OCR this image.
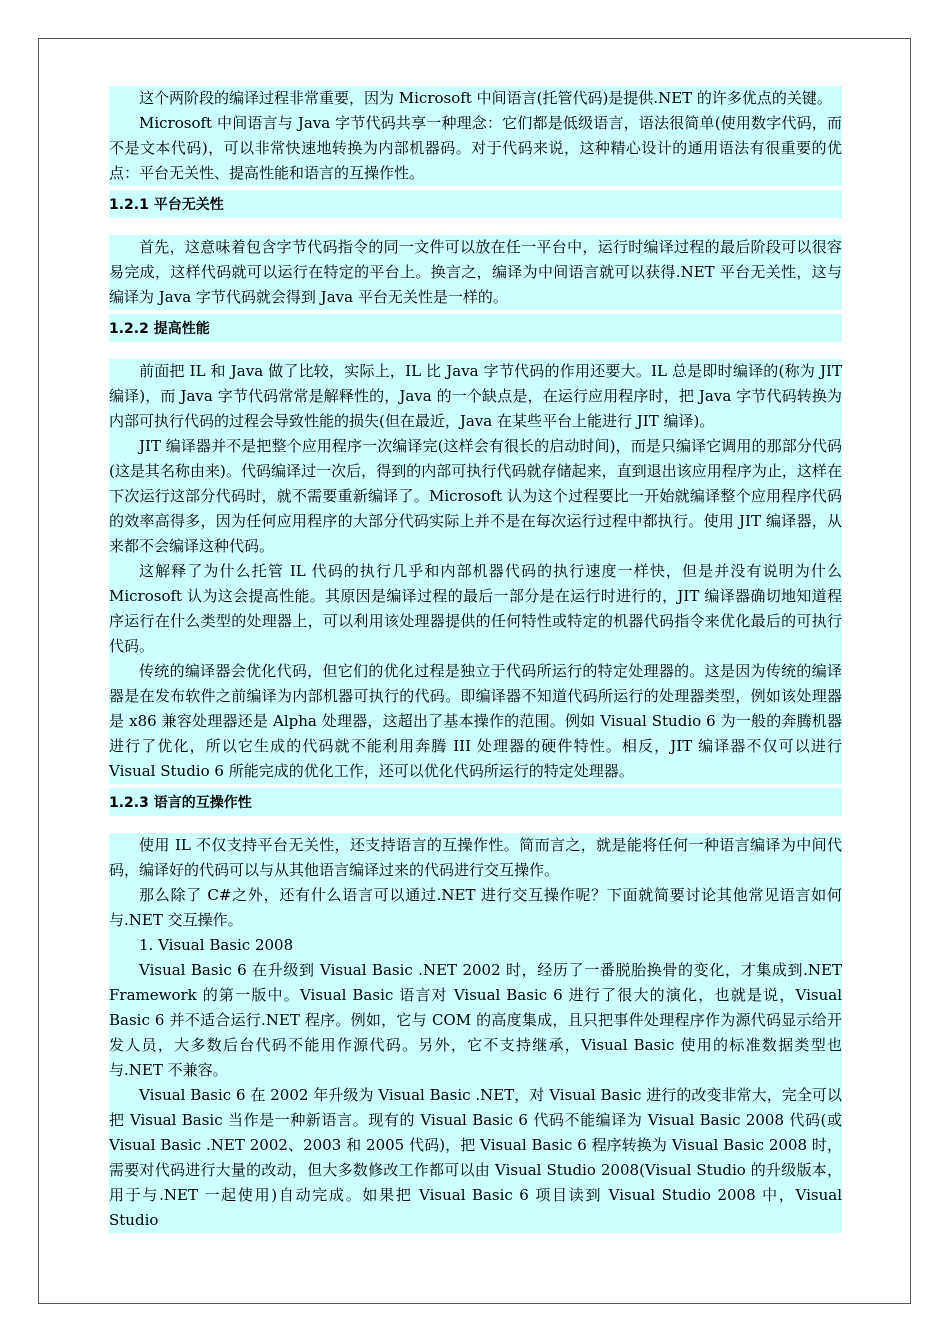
这个两阶段的编译过程非常重要，因为 Microsoft 中间语言(托管代码)是提供.NET 的许多优点的关键。

Microsoft 中间语言与 Java 字节代码共享一种理念：它们都是低级语言，语法很简单(使用数字代码，而不是文本代码)，可以非常快速地转换为内部机器码。对于代码来说，这种精心设计的通用语法有很重要的优点：平台无关性、提高性能和语言的互操作性。

1.2.1 平台无关性

首先，这意味着包含字节代码指令的同一文件可以放在任一平台中，运行时编译过程的最后阶段可以很容易完成，这样代码就可以运行在特定的平台上。换言之，编译为中间语言就可以获得.NET 平台无关性，这与编译为 Java 字节代码就会得到 Java 平台无关性是一样的。

1.2.2 提高性能

前面把 IL 和 Java 做了比较，实际上，IL 比 Java 字节代码的作用还要大。IL 总是即时编译的(称为 JIT 编译)，而 Java 字节代码常常是解释性的，Java 的一个缺点是，在运行应用程序时，把 Java 字节代码转换为内部可执行代码的过程会导致性能的损失(但在最近，Java 在某些平台上能进行 JIT 编译)。

JIT 编译器并不是把整个应用程序一次编译完(这样会有很长的启动时间)，而是只编译它调用的那部分代码(这是其名称由来)。代码编译过一次后，得到的内部可执行代码就存储起来，直到退出该应用程序为止，这样在下次运行这部分代码时，就不需要重新编译了。Microsoft 认为这个过程要比一开始就编译整个应用程序代码的效率高得多，因为任何应用程序的大部分代码实际上并不是在每次运行过程中都执行。使用 JIT 编译器，从来都不会编译这种代码。

这解释了为什么托管 IL 代码的执行几乎和内部机器代码的执行速度一样快，但是并没有说明为什么 Microsoft 认为这会提高性能。其原因是编译过程的最后一部分是在运行时进行的，JIT 编译器确切地知道程序运行在什么类型的处理器上，可以利用该处理器提供的任何特性或特定的机器代码指令来优化最后的可执行代码。

传统的编译器会优化代码，但它们的优化过程是独立于代码所运行的特定处理器的。这是因为传统的编译器是在发布软件之前编译为内部机器可执行的代码。即编译器不知道代码所运行的处理器类型，例如该处理器是 x86 兼容处理器还是 Alpha 处理器，这超出了基本操作的范围。例如 Visual Studio 6 为一般的奔腾机器进行了优化，所以它生成的代码就不能利用奔腾 III 处理器的硬件特性。相反，JIT 编译器不仅可以进行 Visual Studio 6 所能完成的优化工作，还可以优化代码所运行的特定处理器。

1.2.3 语言的互操作性

使用 IL 不仅支持平台无关性，还支持语言的互操作性。简而言之，就是能将任何一种语言编译为中间代码，编译好的代码可以与从其他语言编译过来的代码进行交互操作。

那么除了 C#之外，还有什么语言可以通过.NET 进行交互操作呢？下面就简要讨论其他常见语言如何与.NET 交互操作。

1. Visual Basic 2008

Visual Basic 6 在升级到 Visual Basic .NET 2002 时，经历了一番脱胎换骨的变化，才集成到.NET Framework 的第一版中。Visual Basic 语言对 Visual Basic 6 进行了很大的演化，也就是说，Visual Basic 6 并不适合运行.NET 程序。例如，它与 COM 的高度集成，且只把事件处理程序作为源代码显示给开发人员，大多数后台代码不能用作源代码。另外，它不支持继承，Visual Basic 使用的标准数据类型也与.NET 不兼容。

Visual Basic 6 在 2002 年升级为 Visual Basic .NET，对 Visual Basic 进行的改变非常大，完全可以把 Visual Basic 当作是一种新语言。现有的 Visual Basic 6 代码不能编译为 Visual Basic 2008 代码(或 Visual Basic .NET 2002、2003 和 2005 代码)，把 Visual Basic 6 程序转换为 Visual Basic 2008 时，需要对代码进行大量的改动，但大多数修改工作都可以由 Visual Studio 2008(Visual Studio 的升级版本，用于与.NET 一起使用)自动完成。如果把 Visual Basic 6 项目读到 Visual Studio 2008 中，Visual Studio
